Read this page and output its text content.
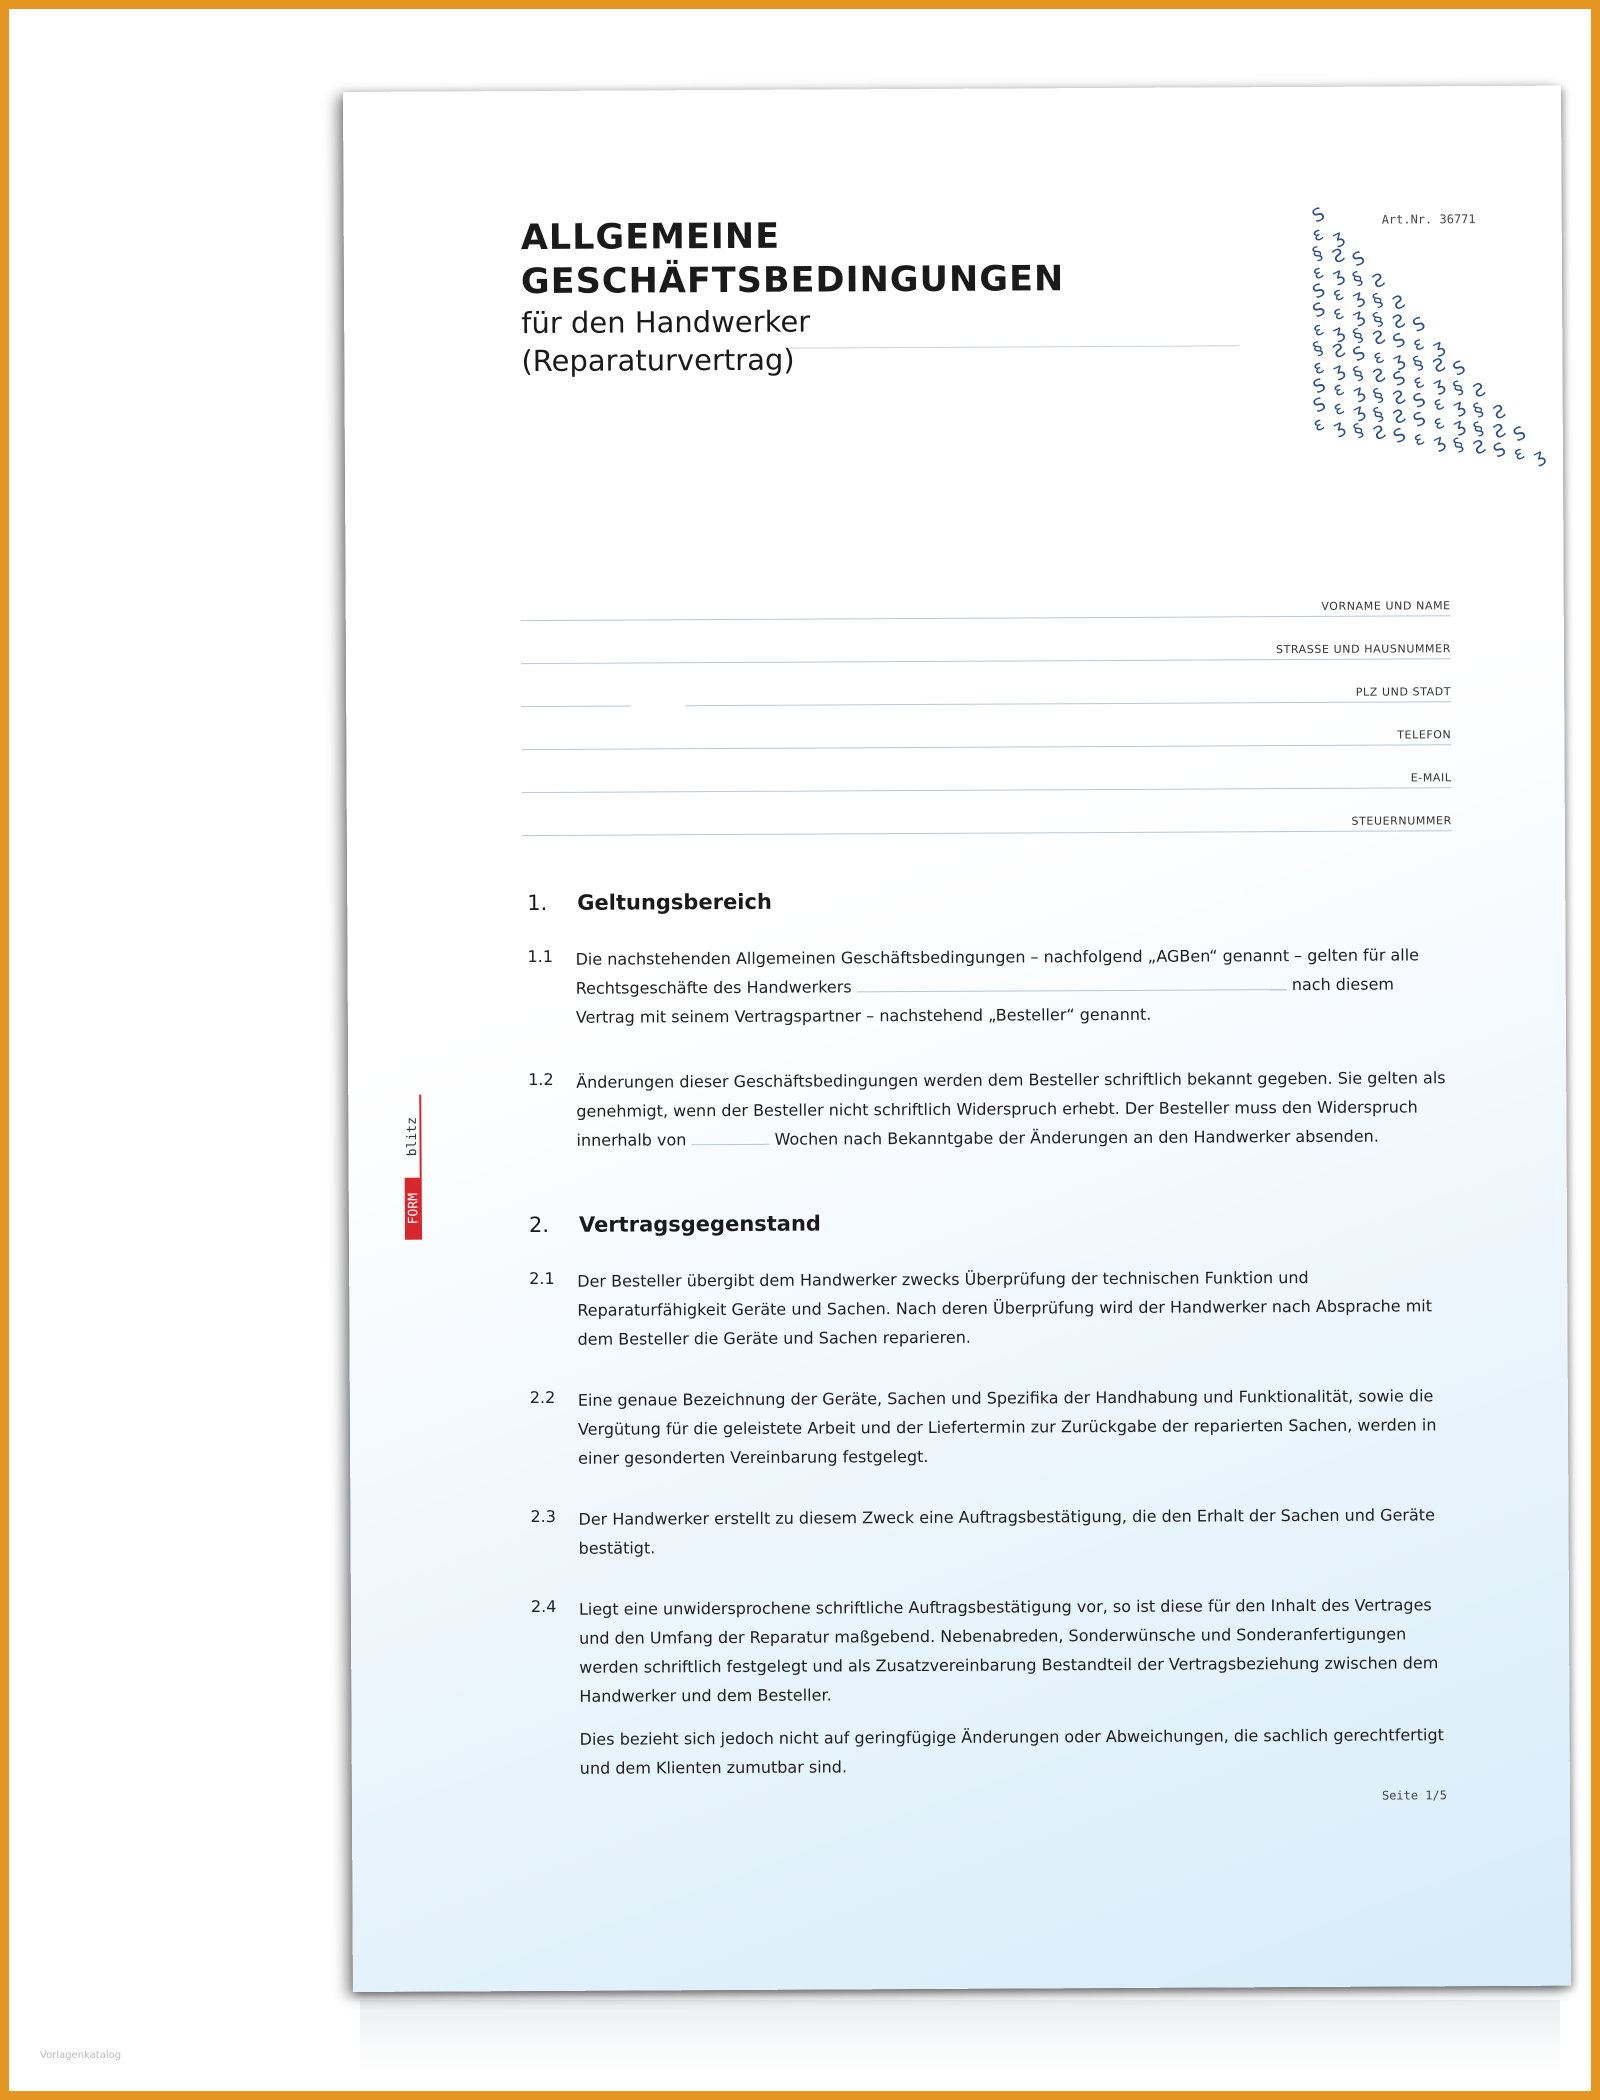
Vorlagenkatalog
ALLGEMEINE GESCHÄFTSBEDINGUNGEN

für den Handwerker
(Reparaturvertrag)

Art.Nr. 36771
S
ε ʒ
§ Ƨ S
ε ʒ § Ƨ
S ε ʒ § Ƨ
S ε ʒ § Ƨ S
ε ʒ § Ƨ S ε ʒ
§ Ƨ S ε ʒ § Ƨ S
ε ʒ § Ƨ S ε ʒ § Ƨ
S ε ʒ § Ƨ S ε ʒ § Ƨ
S ε ʒ § Ƨ S ε ʒ § Ƨ S
ε ʒ § Ƨ S ε ʒ § Ƨ S ε ʒ
VORNAME UND NAME
STRASSE UND HAUSNUMMER
PLZ UND STADT
TELEFON
E-MAIL
STEUERNUMMER
1.	Geltungsbereich
1.1	Die nachstehenden Allgemeinen Geschäftsbedingungen – nachfolgend „AGBen“ genannt – gelten für alle Rechtsgeschäfte des Handwerkers	nach diesem Vertrag mit seinem Vertragspartner – nachstehend „Besteller“ genannt.
1.2	Änderungen dieser Geschäftsbedingungen werden dem Besteller schriftlich bekannt gegeben. Sie gelten als genehmigt, wenn der Besteller nicht schriftlich Widerspruch erhebt. Der Besteller muss den Widerspruch innerhalb von	Wochen nach Bekanntgabe der Änderungen an den Handwerker absenden.
2.	Vertragsgegenstand
2.1	Der Besteller übergibt dem Handwerker zwecks Überprüfung der technischen Funktion und Reparaturfähigkeit Geräte und Sachen. Nach deren Überprüfung wird der Handwerker nach Absprache mit dem Besteller die Geräte und Sachen reparieren.
2.2	Eine genaue Bezeichnung der Geräte, Sachen und Spezifika der Handhabung und Funktionalität, sowie die Vergütung für die geleistete Arbeit und der Liefertermin zur Zurückgabe der reparierten Sachen, werden in einer gesonderten Vereinbarung festgelegt.
2.3	Der Handwerker erstellt zu diesem Zweck eine Auftragsbestätigung, die den Erhalt der Sachen und Geräte bestätigt.
2.4	Liegt eine unwidersprochene schriftliche Auftragsbestätigung vor, so ist diese für den Inhalt des Vertrages und den Umfang der Reparatur maßgebend. Nebenabreden, Sonderwünsche und Sonderanfertigungen werden schriftlich festgelegt und als Zusatzvereinbarung Bestandteil der Vertragsbeziehung zwischen dem Handwerker und dem Besteller.
Dies bezieht sich jedoch nicht auf geringfügige Änderungen oder Abweichungen, die sachlich gerechtfertigt und dem Klienten zumutbar sind.
blitz
FORM
Seite 1/5
